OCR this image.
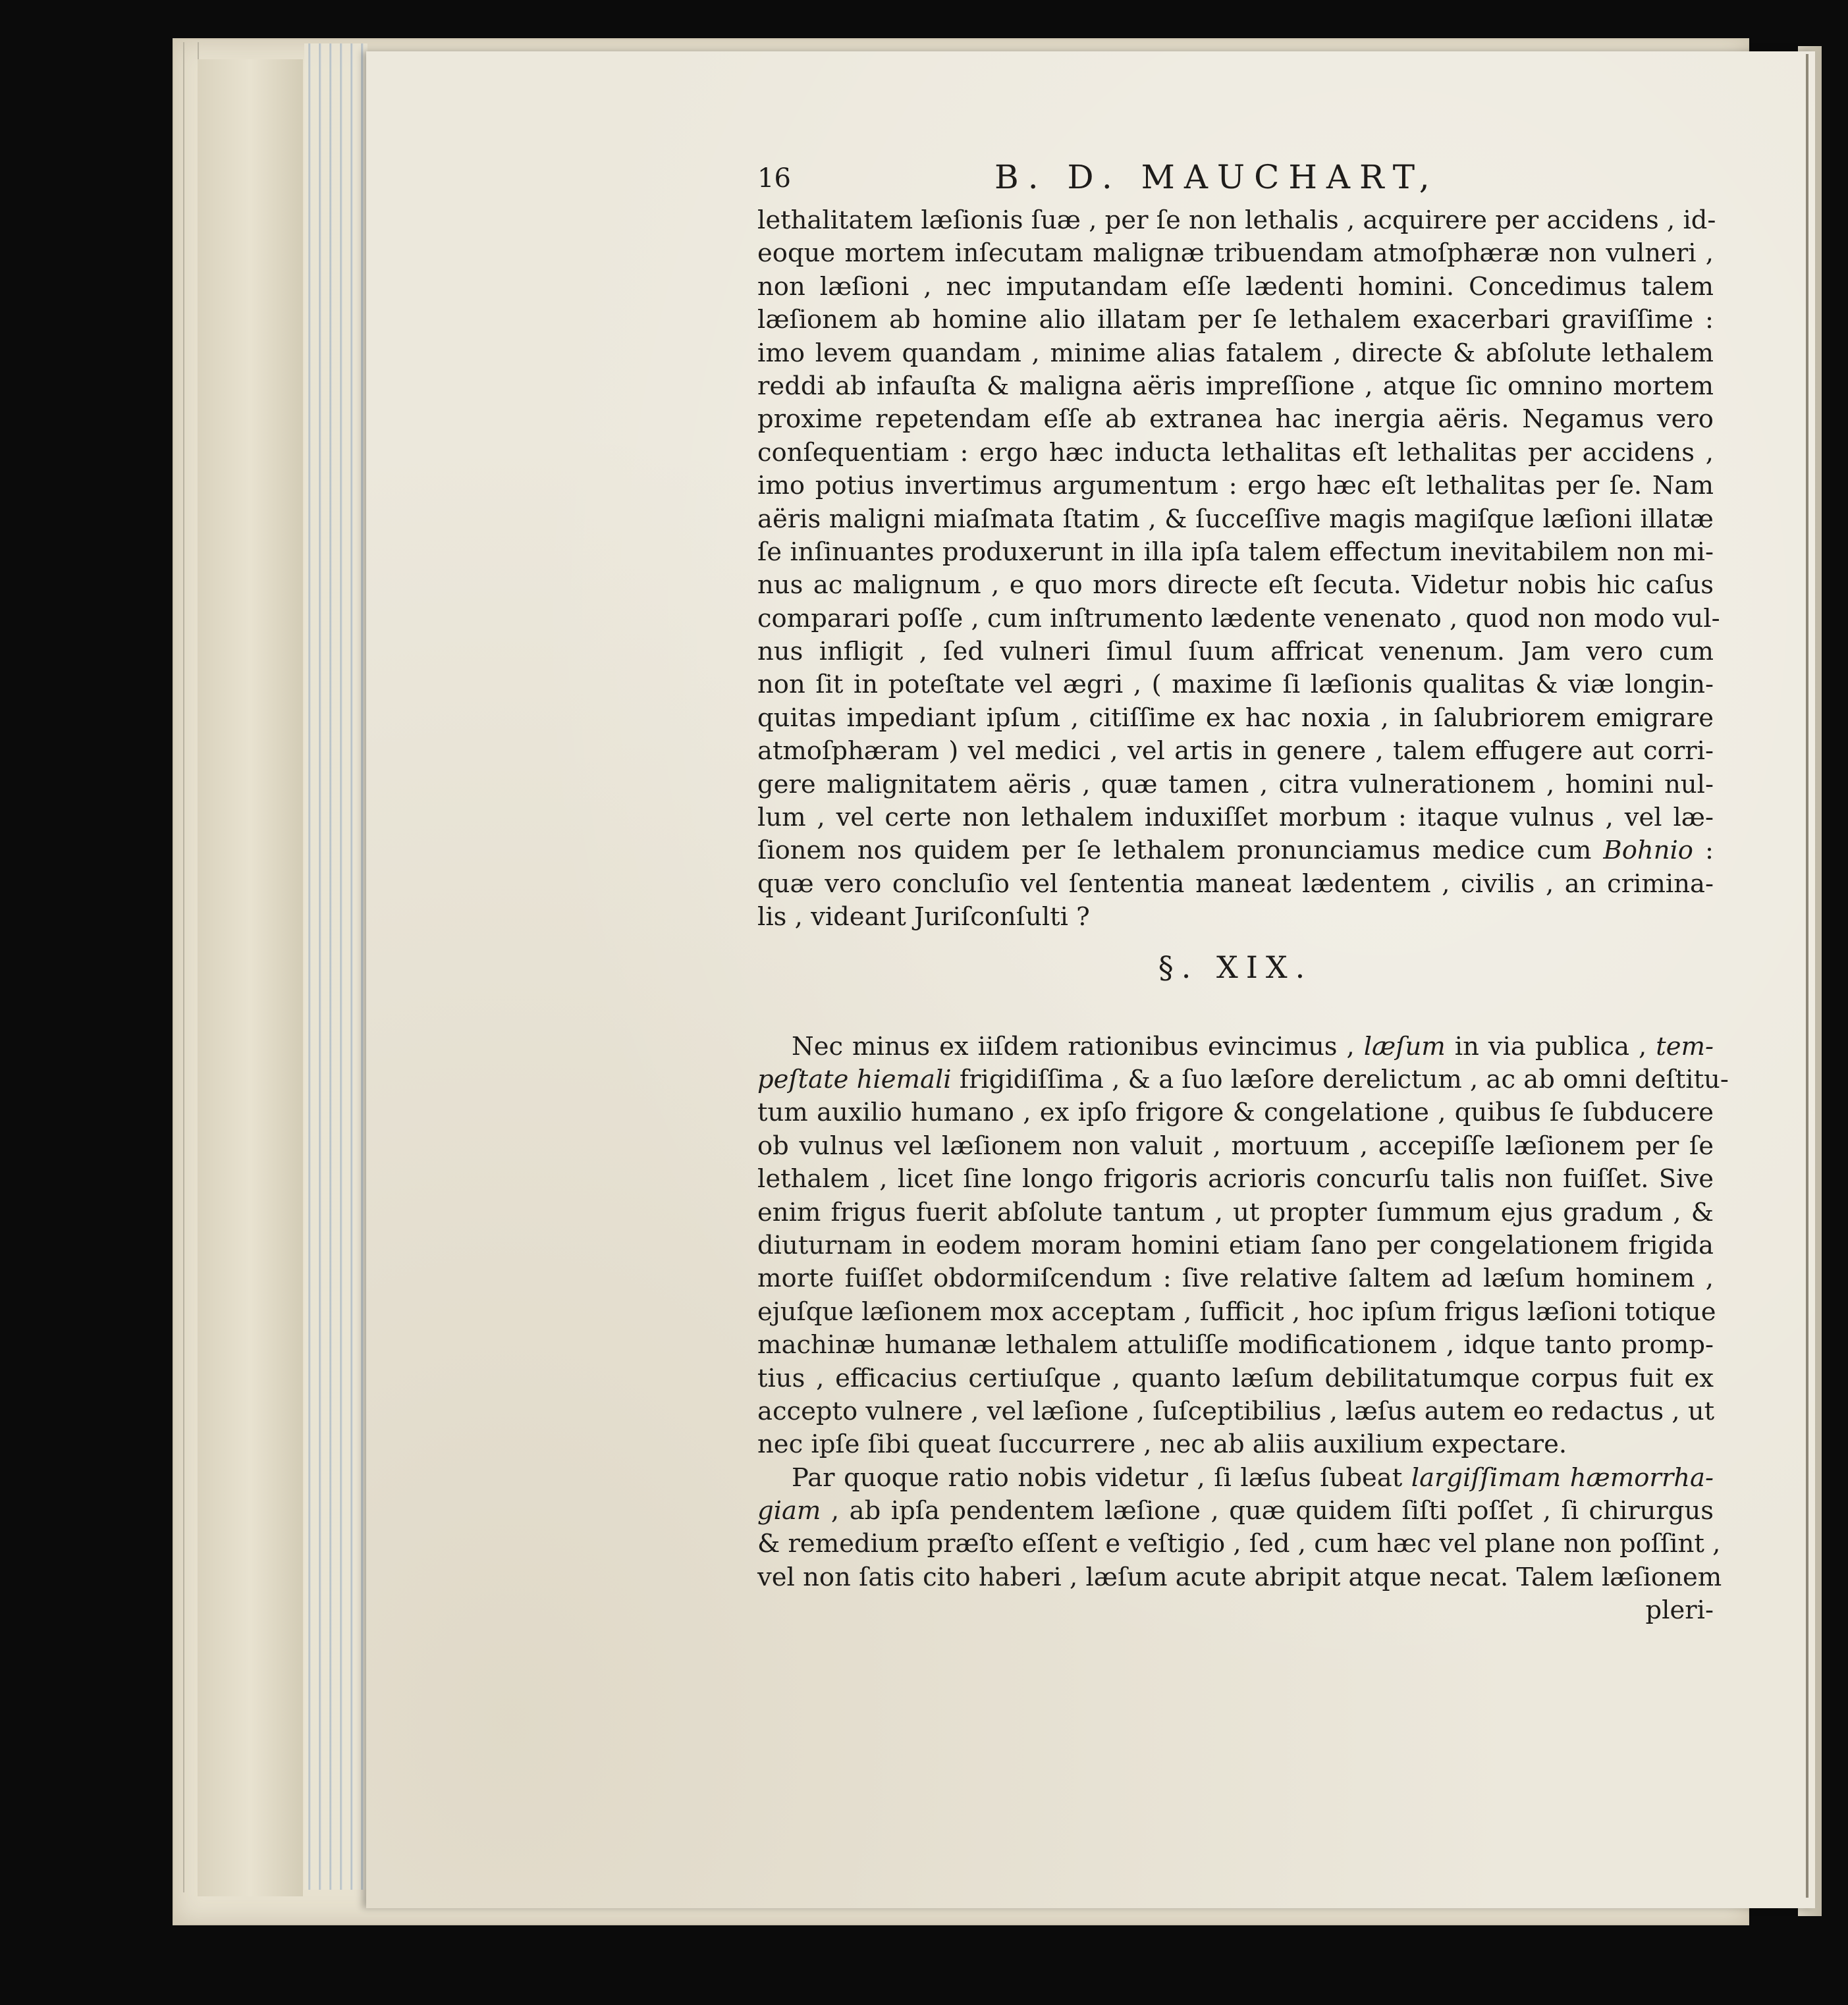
16	B. D. MAUCHART,
lethalitatem læſionis ſuæ , per ſe non lethalis , acquirere per accidens , id-
eoque mortem inſecutam malignæ tribuendam atmoſphæræ non vulneri ,
non læſioni , nec imputandam eſſe lædenti homini. Concedimus talem
læſionem ab homine alio illatam per ſe lethalem exacerbari graviſſime :
imo levem quandam , minime alias fatalem , directe & abſolute lethalem
reddi ab infauſta & maligna aëris impreſſione , atque ſic omnino mortem
proxime repetendam eſſe ab extranea hac inergia aëris. Negamus vero
conſequentiam : ergo hæc inducta lethalitas eſt lethalitas per accidens ,
imo potius invertimus argumentum : ergo hæc eſt lethalitas per ſe. Nam
aëris maligni miaſmata ſtatim , & ſucceſſive magis magiſque læſioni illatæ
ſe inſinuantes produxerunt in illa ipſa talem effectum inevitabilem non mi-
nus ac malignum , e quo mors directe eſt ſecuta. Videtur nobis hic caſus
comparari poſſe , cum inſtrumento lædente venenato , quod non modo vul-
nus infligit , ſed vulneri ſimul ſuum affricat venenum. Jam vero cum
non ſit in poteſtate vel ægri , ( maxime ſi læſionis qualitas & viæ longin-
quitas impediant ipſum , citiſſime ex hac noxia , in ſalubriorem emigrare
atmoſphæram ) vel medici , vel artis in genere , talem effugere aut corri-
gere malignitatem aëris , quæ tamen , citra vulnerationem , homini nul-
lum , vel certe non lethalem induxiſſet morbum : itaque vulnus , vel læ-
ſionem nos quidem per ſe lethalem pronunciamus medice cum Bohnio :
quæ vero concluſio vel ſententia maneat lædentem , civilis , an crimina-
lis , videant Juriſconſulti ?
§. XIX.
Nec minus ex iiſdem rationibus evincimus , læſum in via publica , tem-
peſtate hiemali frigidiſſima , & a ſuo læſore derelictum , ac ab omni deſtitu-
tum auxilio humano , ex ipſo frigore & congelatione , quibus ſe ſubducere
ob vulnus vel læſionem non valuit , mortuum , accepiſſe læſionem per ſe
lethalem , licet ſine longo frigoris acrioris concurſu talis non fuiſſet. Sive
enim frigus fuerit abſolute tantum , ut propter ſummum ejus gradum , &
diuturnam in eodem moram homini etiam ſano per congelationem frigida
morte fuiſſet obdormiſcendum : ſive relative ſaltem ad læſum hominem ,
ejuſque læſionem mox acceptam , ſufficit , hoc ipſum frigus læſioni totique
machinæ humanæ lethalem attuliſſe modificationem , idque tanto promp-
tius , efficacius certiuſque , quanto læſum debilitatumque corpus fuit ex
accepto vulnere , vel læſione , ſuſceptibilius , læſus autem eo redactus , ut
nec ipſe ſibi queat ſuccurrere , nec ab aliis auxilium expectare.
Par quoque ratio nobis videtur , ſi læſus ſubeat largiſſimam hæmorrha-
giam , ab ipſa pendentem læſione , quæ quidem ſiſti poſſet , ſi chirurgus
& remedium præſto eſſent e veſtigio , ſed , cum hæc vel plane non poſſint ,
vel non ſatis cito haberi , læſum acute abripit atque necat. Talem læſionem
pleri-
